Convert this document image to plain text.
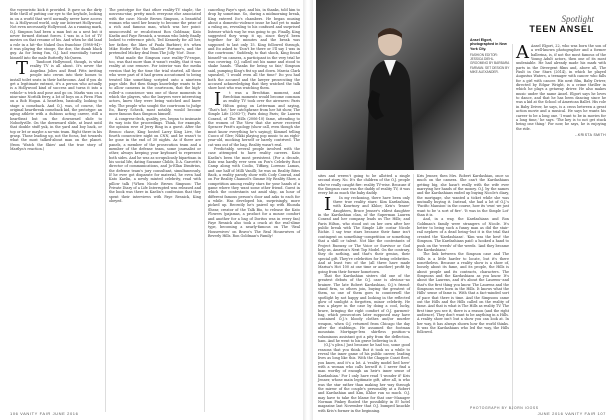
the voyeuristic kick it provided. It gave us the dirty little thrill of putting our eye to the keyhole, looking in on a world that we'd normally never have access to. A Hollywood world, only our Internet Hollywood. Not even necessarily Hollywood. As a running mark, O.J. Simpson had been a man but as a nest but it never formed distant forces. I was in a lot of TV movies on that resume of his. And when he did land a role in a hit--the Naked Gun franchise (1988-94)--it was playing the stooge, the doe, the dumb black guy. As for being fun, O.J. had essentially turned himself into the male Butterfly McQueen.

T Tandoori Hollywood, though, is what reality TV is all about. It's never the Angelina Jolies and Brad Pitts inviting people into crown into their homes to install toilet seats in their bathrooms. And if you do get a legitimate entrant, it's a person who actually is a Hollywood kind of success and turns it into a vehicle--a trick and pose and go on. Marks was on a nine-nine Norfolk ferry, a lot of boys on a Firen Flux on a Bob Hogan. A heartless, basically, looking to stage a comeback. And O.J. was, of course, the original heartbreak comeback kid, the prototype: an aging athlete with a dubious acting career, still a heartbeat but on the downward slide to Nobodyville. On the downward slide, at least until that double stuff yuk, in the yard and boy back, or top or let or maybe a no-win team. Right there in his grasp. Those leading up, not the focus, but towards what the most talked-about man on the planet. (from 'Watch the Skies' and the true story of Marilyn's reaction.)

The prototype for that other reality-TV staple, the nouveau-star, pretty much everyone else associated with the case: Nicole Brown Simpson, a beautiful woman who used her beauty to become the prize of a rich and famous man, which was her point: unsuccessful or recalcitrant Ron Goldman; Kato Kaelin and Faye Resnick, a woman who lately finally looked to reference pitch, Ted Kennedy for all her, her father, the likes of Paula Barbieri; it's when Mike Hoder Who the 'Shadow' Fortune's, and the pretended Mickey deal from The Jolly 'Not'. Door.

What made the Simpson case reality-TV-esque, too, was that more than it wasn't reality, that it was reality at one remove. For interior was the media version that by the time the trial started, all those who were part of it had grown accustomed to being treated like something scripted onto a nineteen page slide. But then things knowledge wants to be to allow cameras in the courtroom, that the high-rolled--a conscience was one of those moments in which the players, who the lawyers were interesting actors, knew they were being watched and knew why. The people who sought the courtroom to Judge Ito, Barry Scheck, most notably, would become more famous than Simpson himself.

A congress-deck, quality, yes, began to insinuate its way into the proceedings. Think, for example, the opinion rove of Jerry Bing in a guest. After the Bronco chase, King hosted Larry King Live, the fourth consecutive night on CNN, and he wasn't to be gone in the end of 30 nights. As if there are panels, a member of the prosecution team and a member of the defense team, some journalist or other, always keeping your keyboard to represent both sides. And he was as scrupulously bipartisan in his social life, dating Suzanne Childs, D.A. Garcetti's director of communications, and Jo-Ellan Dimitrius, the defense team's jury consultant, simultaneously. If he ever got disparate for material, he even had Kato Kaelin, a newly minted celebrity, read with pillow talk ('When Nicole Brown Simpson: The Private Diary of a Life Interrupted was released and the book was there in Kaelin's confession that they spent their interviews with Faye Resnick, King obeyed.

canceling Faye's spot, and his, in thanks, told him to drop by sometime. So, during a midmorning break, King entered Ito's chambers. He began musing about a domestic-violence issue he had yet to make a ruling on, revealing to his confused and surprised listener which way he was going to go. Finally, King suggested they wrap it up, since they'd been together for 40 minutes and the break was supposed to last only 15. King followed through, and Ito asked to 'Don't be there or I'll say I was in the courtroom.' Suddenly, to that shock, King found himself--on camera, a participant in the very trial he was covering. O.J. called out his name and stood to shake hands. 'Thanks for being so fair,' Simpson said, pumping King's fist up and down. Marcia Clark squealed, 'I would even all the time!' Ito you had both the accused and the lawyer prosecuting the accused acknowledging that they watched the talk show host who was watching them.

I t was a Brechtian moment, and Brechtian moments would become common as reality TV took over the airwaves: Paris Hilton going on Letterman and saying, 'That's hot,' her catchphrase from her hit show, The Simple Life (2003-7); Paris doing Paris; Sir Lauren Conrad, of The Hills (2006-10) fame, attending to the women of The View that she never received Spencer Pratt's apology (show call, even though she must know everything he's saying); Kimmel telling Cuoco of Glee; Nikki playing pop music to an eight-year-old, mocking herself or barely contrived. The cat was out of the bag. Reality wasn't real.

Predictably, several people involved with the case attempted to have reality careers. Kato Kaelin's been the most persistent. (For a decade, Kato was hardly ever seen on Fox's Celebrity Boot Camp along with Coolio, Tiffany, Lorenzo Lamas, and one half of Milli Vanilli; he was on Reality Bites Back, a reality parody show with Cody Conrad, and on For Reality Channel's Gimme My Reality Show, a competition among reality stars for your hands of a game where they want some other friend. Guest in which the contestants sat amid ship, an hour of different famous person's door and asks to each for a while. Has developed his, surprisingly, more picked up. Recently he's paired up with Rhonda Shear, creator of the Talk Bio, to release the Kato Flowers (pajamas, a product for a mouse comfort and another for a bag of Doritos was in every fan) Faye Resnick also took a crack at the real-slime type, becoming a nearly-famous on The 'Real Housewives' on Bravo's The Real Housewives of Beverly Hills. Ron Goldman's Family!

106 VANITY FAIR JUNE 2016
Spotlight
TEEN ANSEL
Ansel Elgort, photographed in New York City.
FASHION EDITOR: JESSICA DIEHL. GROOMING BY BARBARA FARMAN. SET DESIGN BY MIKE ALEXANDER.

sites and weren't going to be allotted a single second story. No. It's the children of the O.J. people who've really caught fire: reality TV-wise. Because if the Simpson case was the daddy of reality TV, it was every bit as much the baby daddy.

I In my reckoning, there have been only three true reality stars: Kim Kardashian, with Kourtney and Khloe; Kris's 'lesser' daughters, Bruce Jenner's eldest daughter in the Kardashian clan, of the Superman Lauren Conrad and her company leads us The Hills; and Paris Hilton, who stood out on her own after her public break with The Simple Life costar Nicole Richie. I say true stars because their fame isn't contingent on something--competition or something that a skill or talent. Not like the contestants of Project Runway or The Voice or Survivor or God help us, America's Next Top Model. On the contrary, they do nothing, and that's their genius, their special gift. They're celebrities for being celebrities. And at least two of the (all three have made Marisa's Hot 100 at one time or another) profit by going from their former hometown.

That the Kardashian sisters did one of the greatest debuts of the O.J. case is obvious--no brainer. The late Robert Kardashian, O.J.'s friend: stand firm, so others join, buying the greatest of them, so one of them goes to countersell the spotlight by not happy and looking in the reflected glow of sunlight a forgotten, minor celebrity. He was a player in the case by doing a cool, lucky, brave, bringing the right comfort of O.J. garment-bag, which prosecutors later supposed may have contained O.J.'s bloody clothes and/or murder weapon, when O.J. returned from Chicago the day after the stabbings. He assumed the footman mountain Mortgage-less shirtless position--a voluminous assistant got a pity from the deflection, ham. And he went to his grave believing in it.

(O.J.'s plea.) Just because he had too, some good reasons that you think. But it took us a while to reveal the inner game of his public career, leading lives as long like this. With the Chappie Coast fleet, you know, and it's a lot. A 'reality model lied here' with a woman who calls herself it. I never find a man worthy of enough an heir's inner sense of Kardashian.' For I only have read 'I wonder if' Kris Jenner, whose main legitimate gift, after all, is who was the star rather than making her way through the mirror of the couple's personality at a Robert and Kardashian and Kim, Khloe run so much. O.J. may have to take the blame for that one--Manager Norman Pinkey floated the possibility in E! hotel magazine last November that O.J. bumped knuckle with Kris's former in the beginning.

Kris Jenner, then Mrs. Robert Kardashian, once so much on the camera. She can't the Kardashians getting big, she hasn't really with the wife ever marrying her hands of the money. O.J. by the names and the Kardashians ended up buying Nicole's diary, the mortgage, she wanted a ticket while she was mutually buying it. Instead, she had a lot of O.J.'s 'Pacific Mansion' in the course, how its 'own' we just want to be 'a sort of fire'. 'It was in the Simple Lot' than it is.

And, in a way, the Kardashians and Ron Goldman's family were strangers of Nicole. It's better to being such a funny man as did the stair-rail nephew of a dead being--but it is the trial that created the 'Kardashians'. 'Kim was the best' the Simpson. The Kardashians paid: a hooked a hand to push on the 'weeds' of the weeds. 'And they became the Kardashians.'

The link between the Simpson case and The Hills is a little harder to locate, but it's there nonetheless. Because a reality show is a show of, loosely about its fame, and its people, the Hills is about people and its contracts, characters. The Simpsons and the Kardashians as you know. It's about the Laurens, and it's about the Laurens--and that's the first thing you know. The Laurens and the Simpsons were born in the Hills. It knows what the Hills' sense of fame is. With that a fact-minded sort of pace that there is time. And the Simpsons came out the Hills and the Hills called on the reality of fame. And that is what is The Hills as reality TV. The first time you see it, there is a reason (and the right audience). They don't want to be anything in a Hills. A reality show isn't but a show you can look at. In her way, it has always shown how the world thinks. It was the Kardashians who led the way, the Hills followed.

A Ansel Elgort, 22, who was born the son of a well-known photographer and a former ballerina, is, if not the most famous of the Young Adult actors, then one of its most undeniable. He had already made his mark with parts in the Divergent films and, above all, The Fault in Our Stars (2014), in which he played Augustus Waters, a teenager with cancer who falls for a girl with cancer. His next film, Baby Driver, directed by Edgar Wright, is a crime thriller in which he plays a getaway driver. He also makes music under the name Ansel. Elgort says he loves to dance, and that he has been dancing since he was a kid at the School of American Ballet. His role in Baby Driver, he says, is a cross between a great action movie and a musical. He says he wants his career to be a long one. 'I want to be in movies for a long time,' he says. 'The key is to not get stuck being one thing.' For now, he says, he is enjoying the ride.

--KRISTA SMITH
PHOTOGRAPH BY BJORN IOOSS
JUNE 2016 VANITY FAIR 107
